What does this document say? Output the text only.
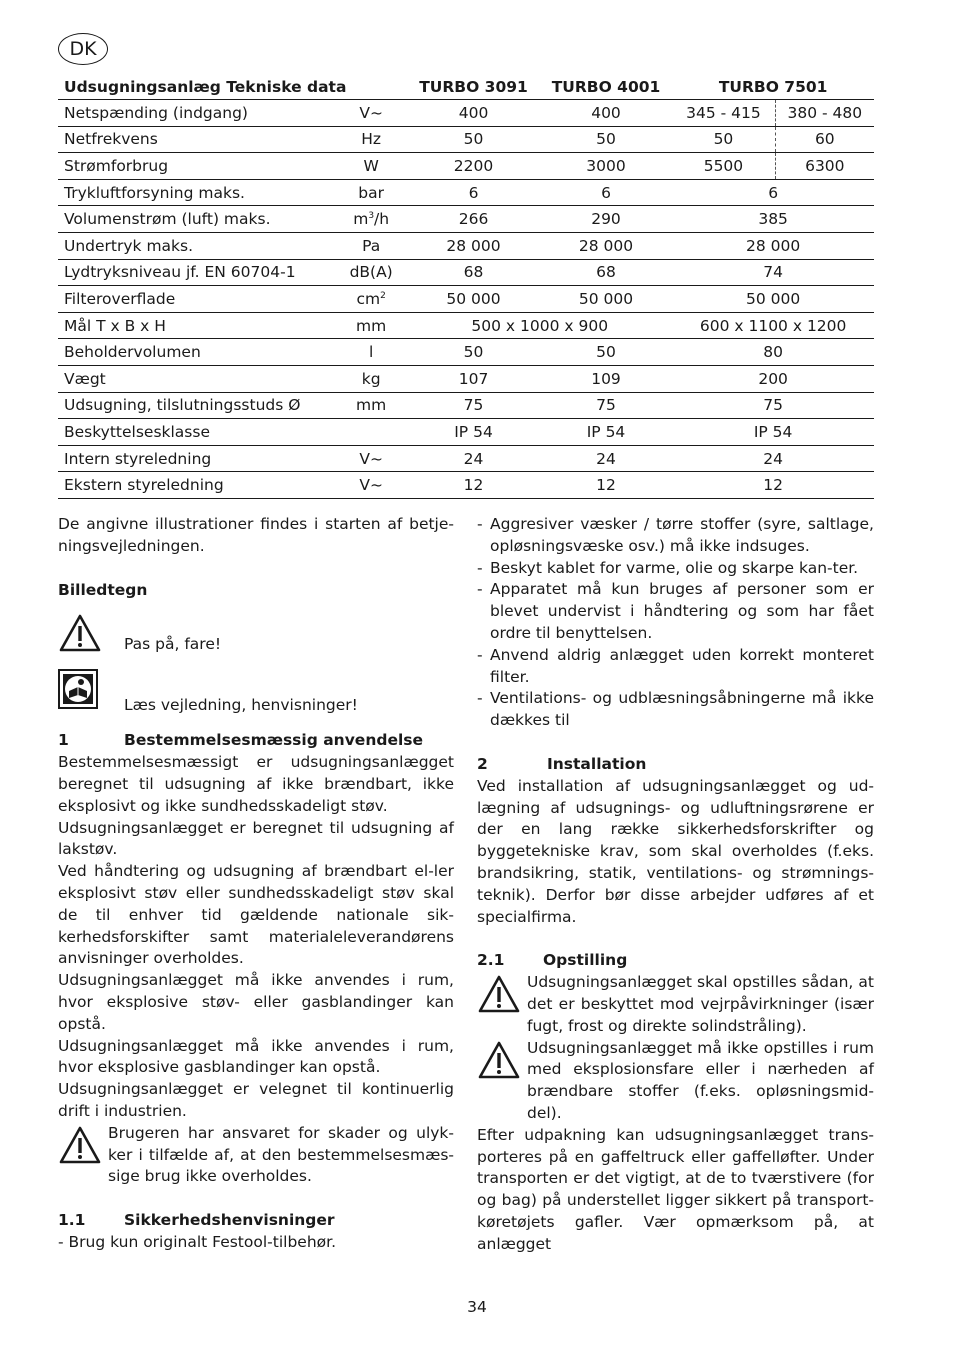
DK
Udsugningsanlæg Tekniske data		TURBO 3091	TURBO 4001	TURBO 7501	
Netspænding (indgang)	V~	400	400	345 - 415	380 - 480
Netfrekvens	Hz	50	50	50	60
Strømforbrug	W	2200	3000	5500	6300
Trykluftforsyning maks.	bar	6	6	6	
Volumenstrøm (luft) maks.	$m^3/h$	266	290	385	
Undertryk maks.	Pa	28 000	28 000	28 000	
Lydtryksniveau jf. EN 60704-1	dB(A)	68	68	74	
Filteroverflade	$cm^2$	50 000	50 000	50 000	
Mål T x B x H	mm	500 x 1000 x 900		600 x 1100 x 1200	
Beholdervolumen	l	50	50	80	
Vægt	kg	107	109	200	
Udsugning, tilslutningsstuds Ø	mm	75	75	75	
Beskyttelsesklasse		IP 54	IP 54	IP 54	
Intern styreledning	V~	24	24	24	
Ekstern styreledning	V~	12	12	12	

De angivne illustrationer findes i starten af betje-ningsvejledningen.

Billedtegn

Pas på, fare!
Læs vejledning, henvisninger!

1	Bestemmelsesmæssig anvendelse

Bestemmelsesmæssigt er udsugningsanlægget beregnet til udsugning af ikke brændbart, ikke eksplosivt og ikke sundhedsskadeligt støv.

Udsugningsanlægget er beregnet til udsugning af lakstøv.

Ved håndtering og udsugning af brændbart el-ler eksplosivt støv eller sundhedsskadeligt støv skal de til enhver tid gældende nationale sik-kerhedsforskifter samt materialeleverandørens anvisninger overholdes.

Udsugningsanlægget må ikke anvendes i rum, hvor eksplosive støv- eller gasblandinger kan opstå.

Udsugningsanlægget må ikke anvendes i rum, hvor eksplosive gasblandinger kan opstå.

Udsugningsanlægget er velegnet til kontinuerlig drift i industrien.

Brugeren har ansvaret for skader og ulyk-ker i tilfælde af, at den bestemmelsesmæs-sige brug ikke overholdes.

1.1 Sikkerhedshenvisninger

- Brug kun originalt Festool-tilbehør.

- Aggresiver væsker / tørre stoffer (syre, saltlage, opløsningsvæske osv.) må ikke indsuges.
- Beskyt kablet for varme, olie og skarpe kan-ter.
- Apparatet må kun bruges af personer som er blevet undervist i håndtering og som har fået ordre til benyttelsen.
- Anvend aldrig anlægget uden korrekt monteret filter.
- Ventilations- og udblæsningsåbningerne må ikke dækkes til

2	Installation

Ved installation af udsugningsanlægget og ud-lægning af udsugnings- og udluftningsrørene er der en lang række sikkerhedsforskrifter og byggetekniske krav, som skal overholdes (f.eks. brandsikring, statik, ventilations- og strømnings-teknik). Derfor bør disse arbejder udføres af et specialfirma.

2.1 Opstilling

Udsugningsanlægget skal opstilles sådan, at det er beskyttet mod vejrpåvirkninger (især fugt, frost og direkte solindstråling).
Udsugningsanlægget må ikke opstilles i rum med eksplosionsfare eller i nærheden af brændbare stoffer (f.eks. opløsningsmid-del).

Efter udpakning kan udsugningsanlægget trans-porteres på en gaffeltruck eller gaffelløfter. Under transporten er det vigtigt, at de to tværstivere (for og bag) på understellet ligger sikkert på transport-køretøjets gafler. Vær opmærksom på, at anlægget

34
